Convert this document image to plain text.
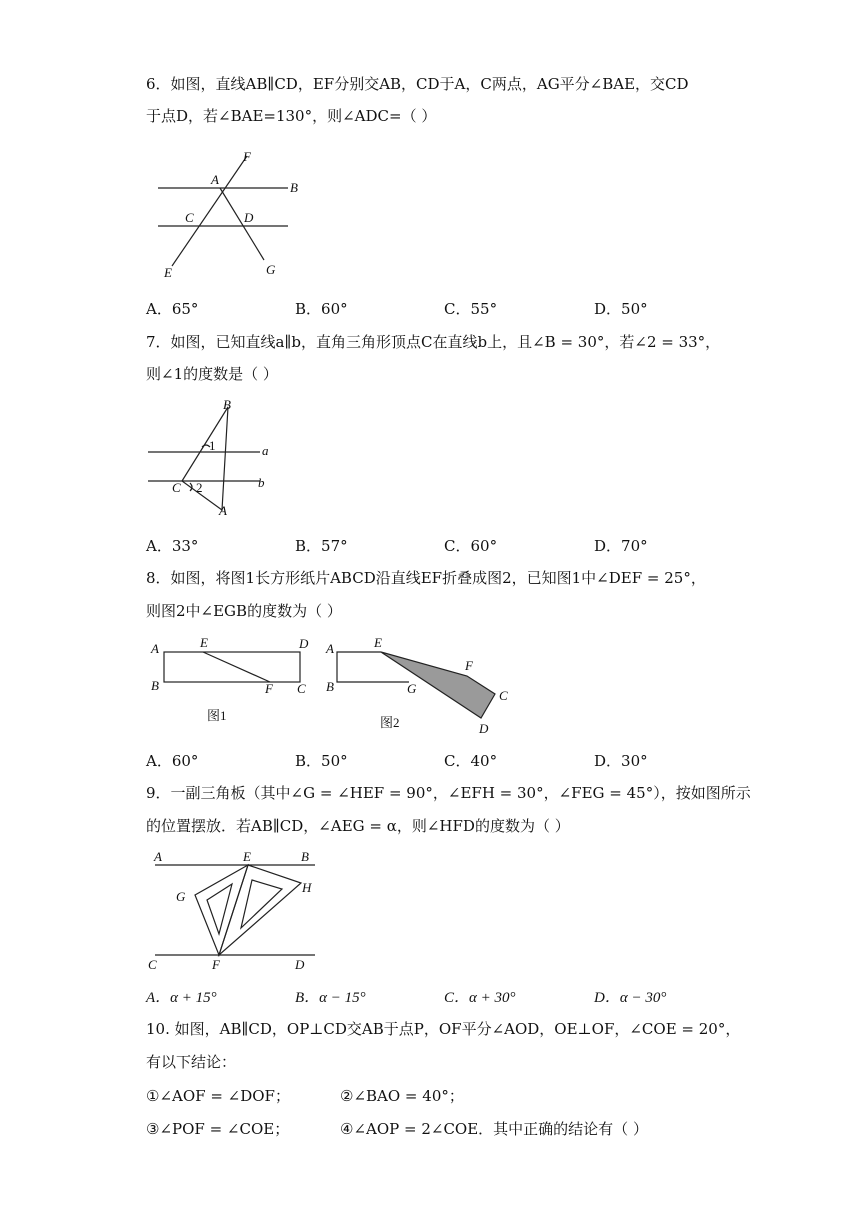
6．如图，直线AB∥CD，EF分别交AB，CD于A，C两点，AG平分∠BAE，交CD
于点D，若∠BAE=130°，则∠ADC=（ ）
F
A
B
C	D
E	G
A．65°	B．60°	C．55°	D．50°
7．如图，已知直线a∥b，直角三角形顶点C在直线b上，且∠B = 30°，若∠2 = 33°，
则∠1的度数是（ ）
B
1	a
b
C 2
A
A．33°	B．57°	C．60°	D．70°
8．如图，将图1长方形纸片ABCD沿直线EF折叠成图2，已知图1中∠DEF = 25°，
则图2中∠EGB的度数为（ ）
A	E	D
B	F C
图1
A	E
F
B	G	C
D
图2
A．60°	B．50°	C．40°	D．30°
9．一副三角板（其中∠G = ∠HEF = 90°，∠EFH = 30°，∠FEG = 45°），按如图所示
的位置摆放．若AB∥CD，∠AEG = α，则∠HFD的度数为（ ）
A	E	B
G
H
C	F	D
A．α + 15°	B．α − 15°	C．α + 30°	D．α − 30°
10. 如图，AB∥CD，OP⊥CD交AB于点P，OF平分∠AOD，OE⊥OF，∠COE = 20°，
有以下结论：
①∠AOF = ∠DOF；	②∠BAO = 40°；
③∠POF = ∠COE；	④∠AOP = 2∠COE．其中正确的结论有（ ）
